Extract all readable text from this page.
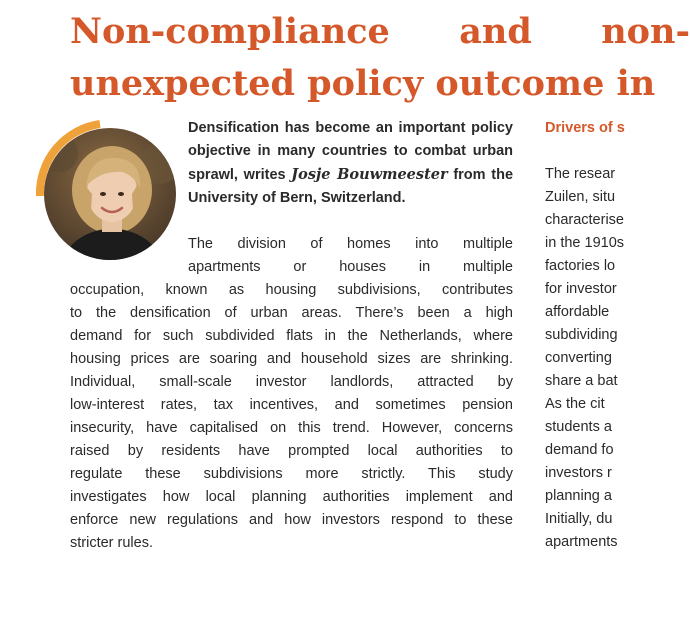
Non-compliance and non-
unexpected policy outcome in
Densification has become an important policy objective in many countries to combat urban sprawl, writes Josje Bouwmeester from the University of Bern, Switzerland.
The division of homes into multiple
apartments or houses in multiple
occupation, known as housing subdivisions, contributes
to the densification of urban areas. There’s been a high
demand for such subdivided flats in the Netherlands, where
housing prices are soaring and household sizes are shrinking.
Individual, small-scale investor landlords, attracted by
low-interest rates, tax incentives, and sometimes pension
insecurity, have capitalised on this trend. However, concerns
raised by residents have prompted local authorities to
regulate these subdivisions more strictly. This study
investigates how local planning authorities implement and
enforce new regulations and how investors respond to these
stricter rules.
Drivers of s
The resear
Zuilen, situ
characterise
in the 1910s
factories lo
for investor
affordable
subdividing
converting
share a bat
As the cit
students a
demand fo
investors r
planning a
Initially, du
apartments
